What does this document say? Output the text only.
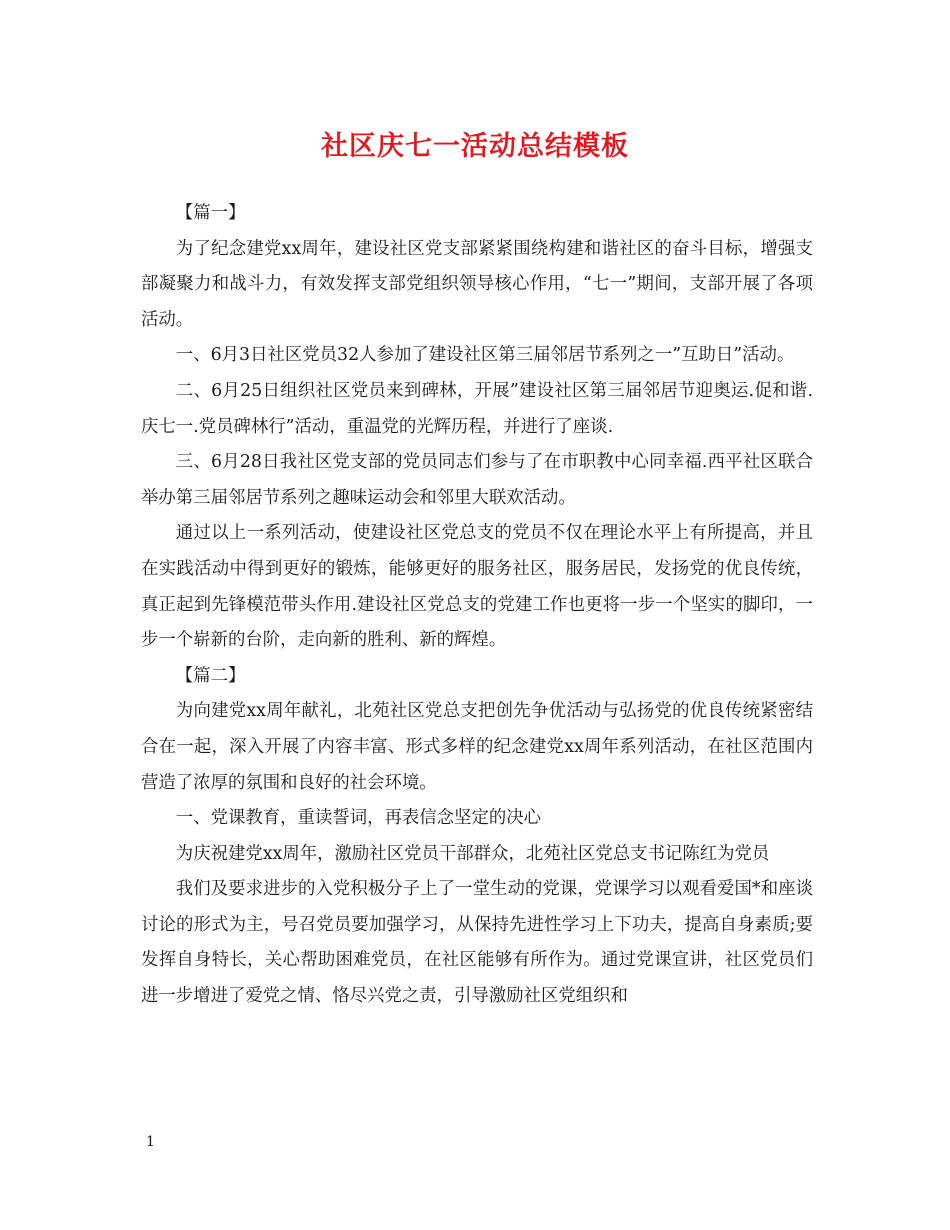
社区庆七一活动总结模板

【篇一】

为了纪念建党xx周年，建设社区党支部紧紧围绕构建和谐社区的奋斗目标，增强支部凝聚力和战斗力，有效发挥支部党组织领导核心作用，“七一”期间，支部开展了各项活动。

一、6月3日社区党员32人参加了建设社区第三届邻居节系列之一”互助日”活动。

二、6月25日组织社区党员来到碑林，开展”建设社区第三届邻居节迎奥运.促和谐.庆七一.党员碑林行”活动，重温党的光辉历程，并进行了座谈.

三、6月28日我社区党支部的党员同志们参与了在市职教中心同幸福.西平社区联合举办第三届邻居节系列之趣味运动会和邻里大联欢活动。

通过以上一系列活动，使建设社区党总支的党员不仅在理论水平上有所提高，并且在实践活动中得到更好的锻炼，能够更好的服务社区，服务居民，发扬党的优良传统，真正起到先锋模范带头作用.建设社区党总支的党建工作也更将一步一个坚实的脚印，一步一个崭新的台阶，走向新的胜利、新的辉煌。

【篇二】

为向建党xx周年献礼，北苑社区党总支把创先争优活动与弘扬党的优良传统紧密结合在一起，深入开展了内容丰富、形式多样的纪念建党xx周年系列活动，在社区范围内营造了浓厚的氛围和良好的社会环境。

一、党课教育，重读誓词，再表信念坚定的决心

为庆祝建党xx周年，激励社区党员干部群众，北苑社区党总支书记陈红为党员

我们及要求进步的入党积极分子上了一堂生动的党课，党课学习以观看爱国*和座谈讨论的形式为主，号召党员要加强学习，从保持先进性学习上下功夫，提高自身素质;要发挥自身特长，关心帮助困难党员，在社区能够有所作为。通过党课宣讲，社区党员们进一步增进了爱党之情、恪尽兴党之责，引导激励社区党组织和

1
